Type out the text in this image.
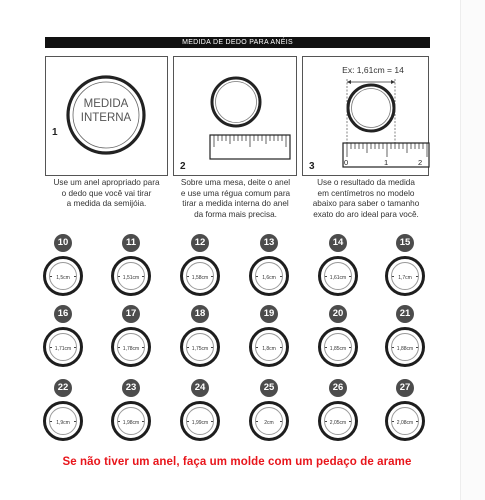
MEDIDA DE DEDO PARA ANÉIS
MEDIDA
INTERNA
1
2
Ex: 1,61cm = 14
0	1	2
3
Use um anel apropriado para
o dedo que você vai tirar
a medida da semijóia.
Sobre uma mesa, deite o anel
e use uma régua comum para
tirar a medida interna do anel
da forma mais precisa.
Use o resultado da medida
em centímetros no modelo
abaixo para saber o tamanho
exato do aro ideal para você.
10
1,5cm
11
1,51cm
12
1,58cm
13
1,6cm
14
1,61cm
15
1,7cm
16
1,71cm
17
1,78cm
18
1,75cm
19
1,8cm
20
1,85cm
21
1,88cm
22
1,9cm
23
1,98cm
24
1,99cm
25
2cm
26
2,05cm
27
2,08cm
Se não tiver um anel, faça um molde com um pedaço de arame
